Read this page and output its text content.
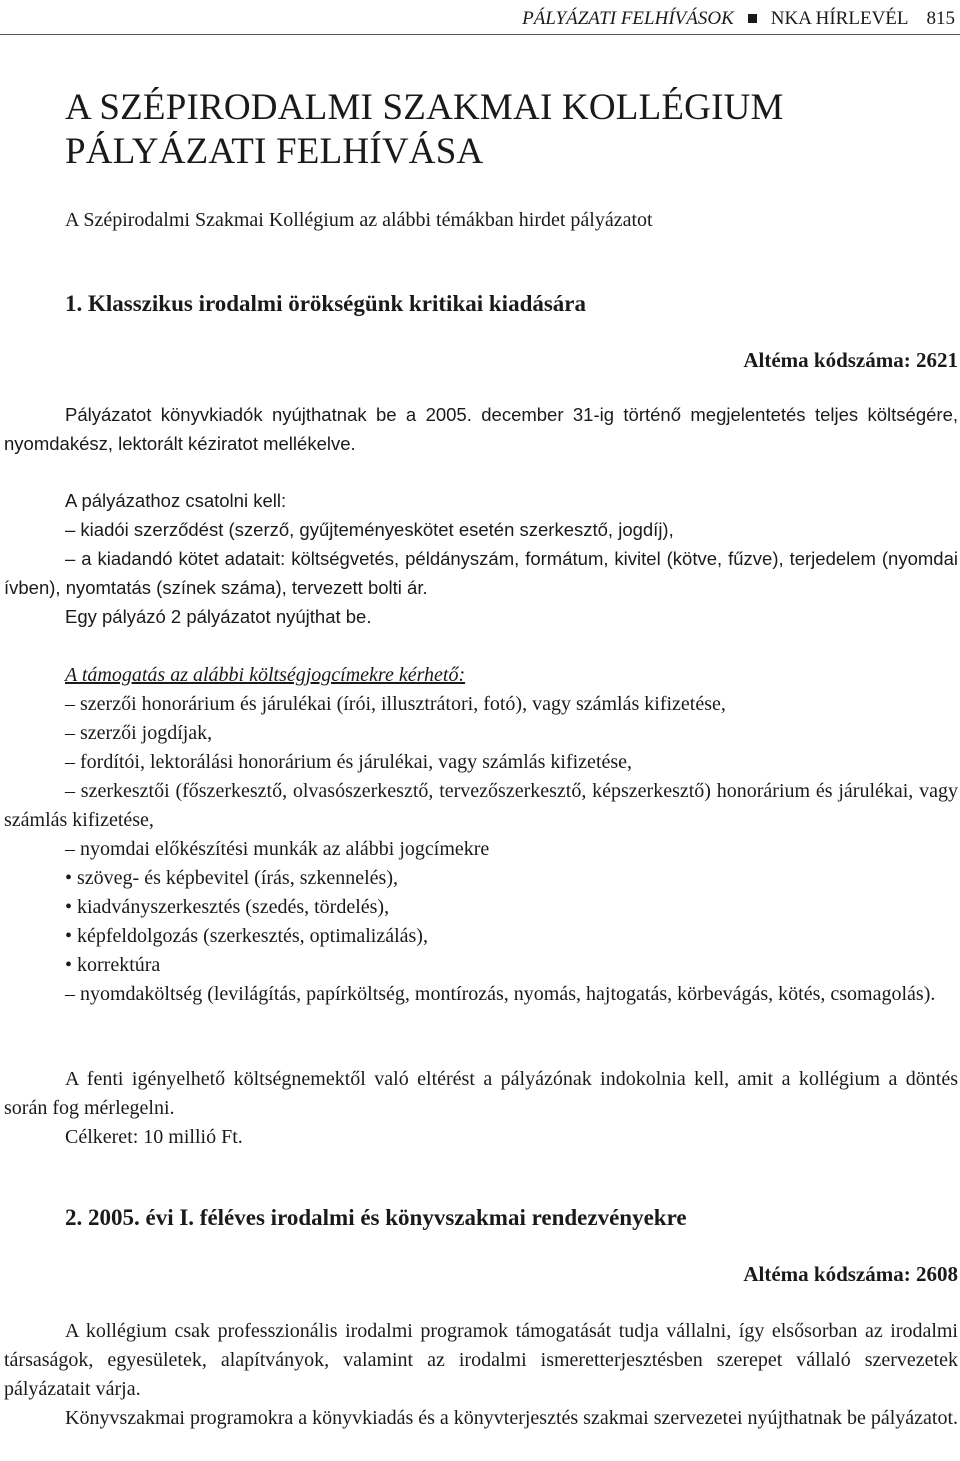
PÁLYÁZATI FELHÍVÁSOK NKA HÍRLEVÉL 815
A SZÉPIRODALMI SZAKMAI KOLLÉGIUM
PÁLYÁZATI FELHÍVÁSA

A Szépirodalmi Szakmai Kollégium az alábbi témákban hirdet pályázatot

1. Klasszikus irodalmi örökségünk kritikai kiadására

Altéma kódszáma: 2621

Pályázatot könyvkiadók nyújthatnak be a 2005. december 31-ig történő megjelentetés teljes költségére, nyomdakész, lektorált kéziratot mellékelve.

A pályázathoz csatolni kell:
– kiadói szerződést (szerző, gyűjteményeskötet esetén szerkesztő, jogdíj),
– a kiadandó kötet adatait: költségvetés, példányszám, formátum, kivitel (kötve, fűzve), terjedelem (nyomdai ívben), nyomtatás (színek száma), tervezett bolti ár.
Egy pályázó 2 pályázatot nyújthat be.
A támogatás az alábbi költségjogcímekre kérhető:
– szerzői honorárium és járulékai (írói, illusztrátori, fotó), vagy számlás kifizetése,
– szerzői jogdíjak,
– fordítói, lektorálási honorárium és járulékai, vagy számlás kifizetése,
– szerkesztői (főszerkesztő, olvasószerkesztő, tervezőszerkesztő, képszerkesztő) honorárium és járulékai, vagy számlás kifizetése,
– nyomdai előkészítési munkák az alábbi jogcímekre
• szöveg- és képbevitel (írás, szkennelés),
• kiadványszerkesztés (szedés, tördelés),
• képfeldolgozás (szerkesztés, optimalizálás),
• korrektúra
– nyomdaköltség (levilágítás, papírköltség, montírozás, nyomás, hajtogatás, körbevágás, kötés, csomagolás).

A fenti igényelhető költségnemektől való eltérést a pályázónak indokolnia kell, amit a kollégium a döntés során fog mérlegelni.

Célkeret: 10 millió Ft.

2. 2005. évi I. féléves irodalmi és könyvszakmai rendezvényekre

Altéma kódszáma: 2608

A kollégium csak professzionális irodalmi programok támogatását tudja vállalni, így elsősorban az irodalmi társaságok, egyesületek, alapítványok, valamint az irodalmi ismeretterjesztésben szerepet vállaló szervezetek pályázatait várja.

Könyvszakmai programokra a könyvkiadás és a könyvterjesztés szakmai szervezetei nyújthatnak be pályázatot.
